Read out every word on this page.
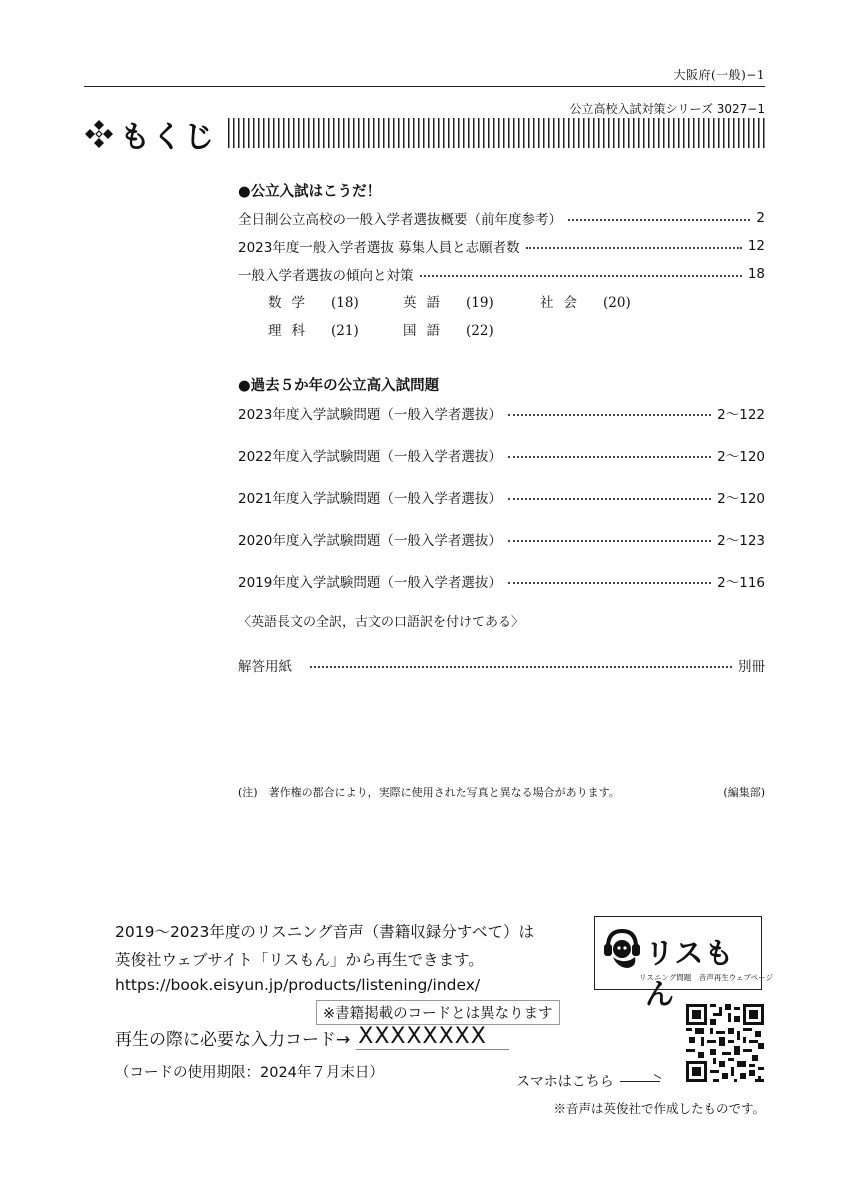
大阪府(一般)−1
公立高校入試対策シリーズ 3027−1
もくじ
●公立入試はこうだ！
全日制公立高校の一般入学者選抜概要（前年度参考）	2
2023年度一般入学者選抜 募集人員と志願者数	12
一般入学者選抜の傾向と対策	18
数学 (18)	英語 (19)	社会 (20)
理科 (21)	国語 (22)
●過去５か年の公立高入試問題
2023年度入学試験問題（一般入学者選抜）	2〜122
2022年度入学試験問題（一般入学者選抜）	2〜120
2021年度入学試験問題（一般入学者選抜）	2〜120
2020年度入学試験問題（一般入学者選抜）	2〜123
2019年度入学試験問題（一般入学者選抜）	2〜116
〈英語長文の全訳，古文の口語訳を付けてある〉
解答用紙	別冊
(注)　著作権の都合により，実際に使用された写真と異なる場合があります。	(編集部)
2019〜2023年度のリスニング音声（書籍収録分すべて）は
英俊社ウェブサイト「リスもん」から再生できます。
https://book.eisyun.jp/products/listening/index/
※書籍掲載のコードとは異なります
再生の際に必要な入力コード→ XXXXXXXX
（コードの使用期限：2024年７月末日）
リスもん
リスニング問題　音声再生ウェブページ
スマホはこちら
※音声は英俊社で作成したものです。
